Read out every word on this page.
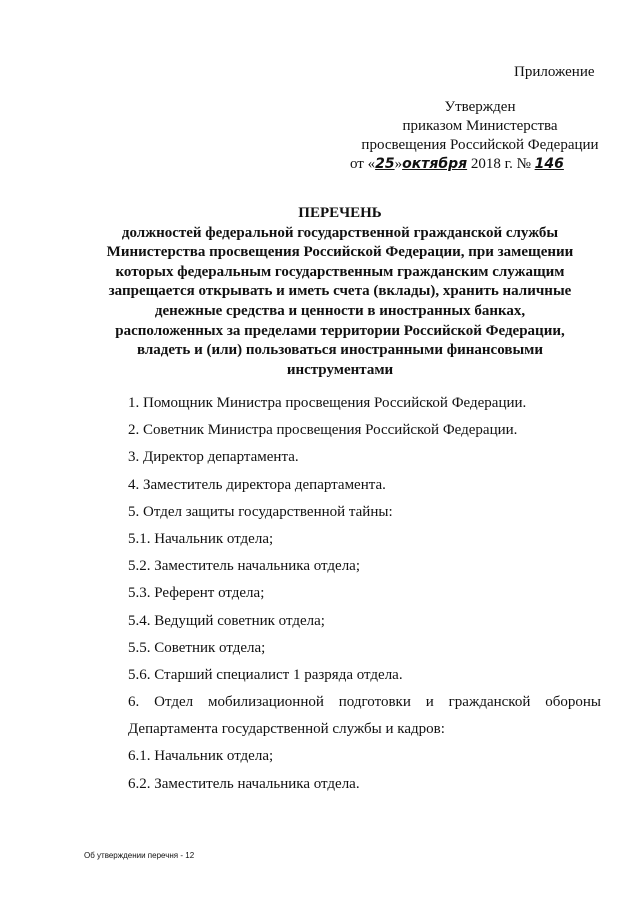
Приложение
Утвержден
приказом Министерства
просвещения Российской Федерации
от «25»октября 2018 г. № 146
ПЕРЕЧЕНЬ
должностей федеральной государственной гражданской службы
Министерства просвещения Российской Федерации, при замещении
которых федеральным государственным гражданским служащим
запрещается открывать и иметь счета (вклады), хранить наличные
денежные средства и ценности в иностранных банках,
расположенных за пределами территории Российской Федерации,
владеть и (или) пользоваться иностранными финансовыми
инструментами
1. Помощник Министра просвещения Российской Федерации.
2. Советник Министра просвещения Российской Федерации.
3. Директор департамента.
4. Заместитель директора департамента.
5. Отдел защиты государственной тайны:
5.1. Начальник отдела;
5.2. Заместитель начальника отдела;
5.3. Референт отдела;
5.4. Ведущий советник отдела;
5.5. Советник отдела;
5.6. Старший специалист 1 разряда отдела.
6. Отдел мобилизационной подготовки и гражданской обороны
Департамента государственной службы и кадров:
6.1. Начальник отдела;
6.2. Заместитель начальника отдела.
Об утверждении перечня - 12
